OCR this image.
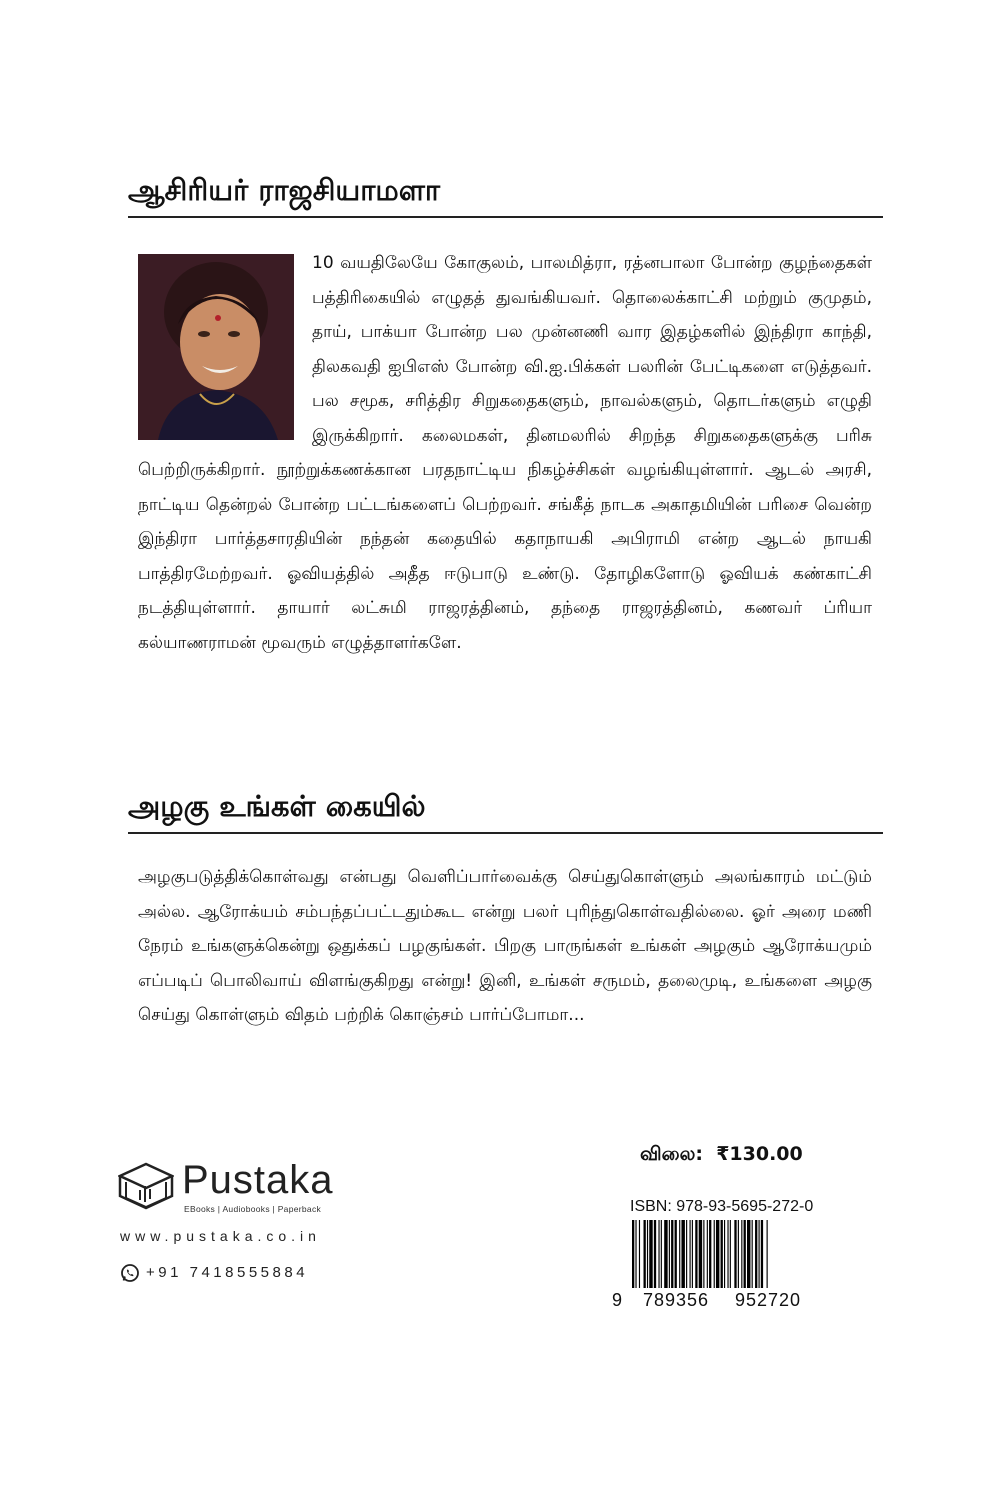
ஆசிரியர் ராஜசியாமளா
10 வயதிலேயே கோகுலம், பாலமித்ரா, ரத்னபாலா போன்ற குழந்தைகள் பத்திரிகையில் எழுதத் துவங்கியவர். தொலைக்காட்சி மற்றும் குமுதம், தாய், பாக்யா போன்ற பல முன்னணி வார இதழ்களில் இந்திரா காந்தி, திலகவதி ஐபிஎஸ் போன்ற வி.ஐ.பிக்கள் பலரின் பேட்டிகளை எடுத்தவர். பல சமூக, சரித்திர சிறுகதைகளும், நாவல்களும், தொடர்களும் எழுதி இருக்கிறார். கலைமகள், தினமலரில் சிறந்த சிறுகதைகளுக்கு பரிசு பெற்றிருக்கிறார். நூற்றுக்கணக்கான பரதநாட்டிய நிகழ்ச்சிகள் வழங்கியுள்ளார். ஆடல் அரசி, நாட்டிய தென்றல் போன்ற பட்டங்களைப் பெற்றவர். சங்கீத் நாடக அகாதமியின் பரிசை வென்ற இந்திரா பார்த்தசாரதியின் நந்தன் கதையில் கதாநாயகி அபிராமி என்ற ஆடல் நாயகி பாத்திரமேற்றவர். ஓவியத்தில் அதீத ஈடுபாடு உண்டு. தோழிகளோடு ஓவியக் கண்காட்சி நடத்தியுள்ளார். தாயார் லட்சுமி ராஜரத்தினம், தந்தை ராஜரத்தினம், கணவர் ப்ரியா கல்யாணராமன் மூவரும் எழுத்தாளர்களே.
அழகு உங்கள் கையில்
அழகுபடுத்திக்கொள்வது என்பது வெளிப்பார்வைக்கு செய்துகொள்ளும் அலங்காரம் மட்டும் அல்ல. ஆரோக்யம் சம்பந்தப்பட்டதும்கூட என்று பலர் புரிந்துகொள்வதில்லை. ஓர் அரை மணி நேரம் உங்களுக்கென்று ஒதுக்கப் பழகுங்கள். பிறகு பாருங்கள் உங்கள் அழகும் ஆரோக்யமும் எப்படிப் பொலிவாய் விளங்குகிறது என்று! இனி, உங்கள் சருமம், தலைமுடி, உங்களை அழகு செய்து கொள்ளும் விதம் பற்றிக் கொஞ்சம் பார்ப்போமா...
Pustaka
EBooks | Audiobooks | Paperback
www.pustaka.co.in
+91 7418555884
விலை: ₹130.00
ISBN: 978-93-5695-272-0
9 789356 952720
